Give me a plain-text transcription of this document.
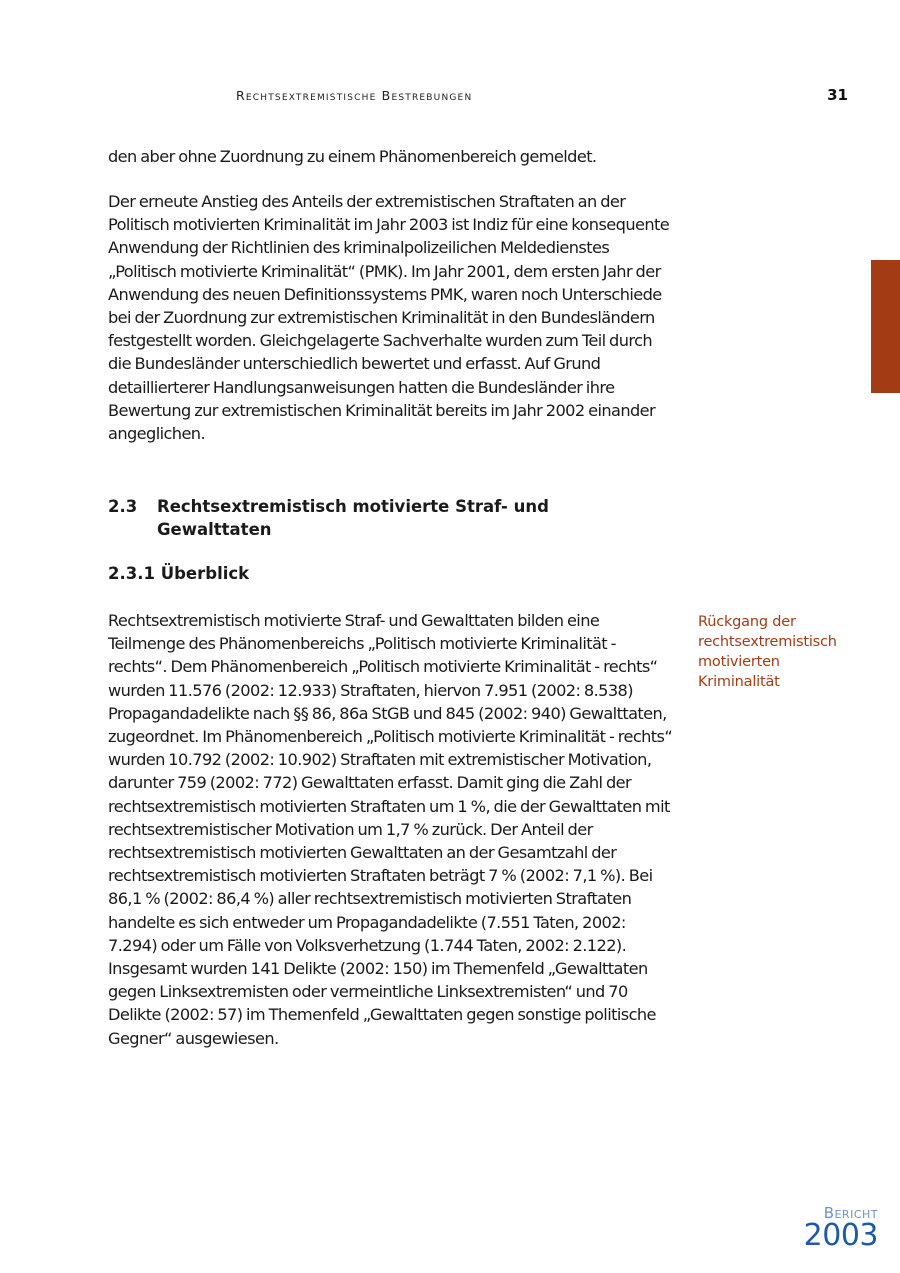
Rechtsextremistische Bestrebungen	31
den aber ohne Zuordnung zu einem Phänomenbereich gemeldet.
Der erneute Anstieg des Anteils der extremistischen Straftaten an der Politisch motivierten Kriminalität im Jahr 2003 ist Indiz für eine konsequente Anwendung der Richtlinien des kriminalpolizeilichen Meldedienstes „Politisch motivierte Kriminalität“ (PMK). Im Jahr 2001, dem ersten Jahr der Anwendung des neuen Definitionssystems PMK, waren noch Unterschiede bei der Zuordnung zur extremistischen Kriminalität in den Bundesländern festgestellt worden. Gleichgelagerte Sachverhalte wurden zum Teil durch die Bundesländer unterschiedlich bewertet und erfasst. Auf Grund detaillierterer Handlungsanweisungen hatten die Bundesländer ihre Bewertung zur extremistischen Kriminalität bereits im Jahr 2002 einander angeglichen.
2.3 Rechtsextremistisch motivierte Straf- und Gewalttaten
2.3.1 Überblick
Rechtsextremistisch motivierte Straf- und Gewalttaten bilden eine Teilmenge des Phänomenbereichs „Politisch motivierte Kriminalität - rechts“. Dem Phänomenbereich „Politisch motivierte Kriminalität - rechts“ wurden 11.576 (2002: 12.933) Straftaten, hiervon 7.951 (2002: 8.538) Propagandadelikte nach §§ 86, 86a StGB und 845 (2002: 940) Gewalttaten, zugeordnet. Im Phänomenbereich „Politisch motivierte Kriminalität - rechts“ wurden 10.792 (2002: 10.902) Straftaten mit extremistischer Motivation, darunter 759 (2002: 772) Gewalttaten erfasst. Damit ging die Zahl der rechtsextremistisch motivierten Straftaten um 1 %, die der Gewalttaten mit rechtsextremistischer Motivation um 1,7 % zurück. Der Anteil der rechtsextremistisch motivierten Gewalttaten an der Gesamtzahl der rechtsextremistisch motivierten Straftaten beträgt 7 % (2002: 7,1 %). Bei 86,1 % (2002: 86,4 %) aller rechtsextremistisch motivierten Straftaten handelte es sich entweder um Propagandadelikte (7.551 Taten, 2002: 7.294) oder um Fälle von Volksverhetzung (1.744 Taten, 2002: 2.122). Insgesamt wurden 141 Delikte (2002: 150) im Themenfeld „Gewalttaten gegen Linksextremisten oder vermeintliche Linksextremisten“ und 70 Delikte (2002: 57) im Themenfeld „Gewalttaten gegen sonstige politische Gegner“ ausgewiesen.
Rückgang der rechtsextremistisch motivierten Kriminalität
Bericht
2003
